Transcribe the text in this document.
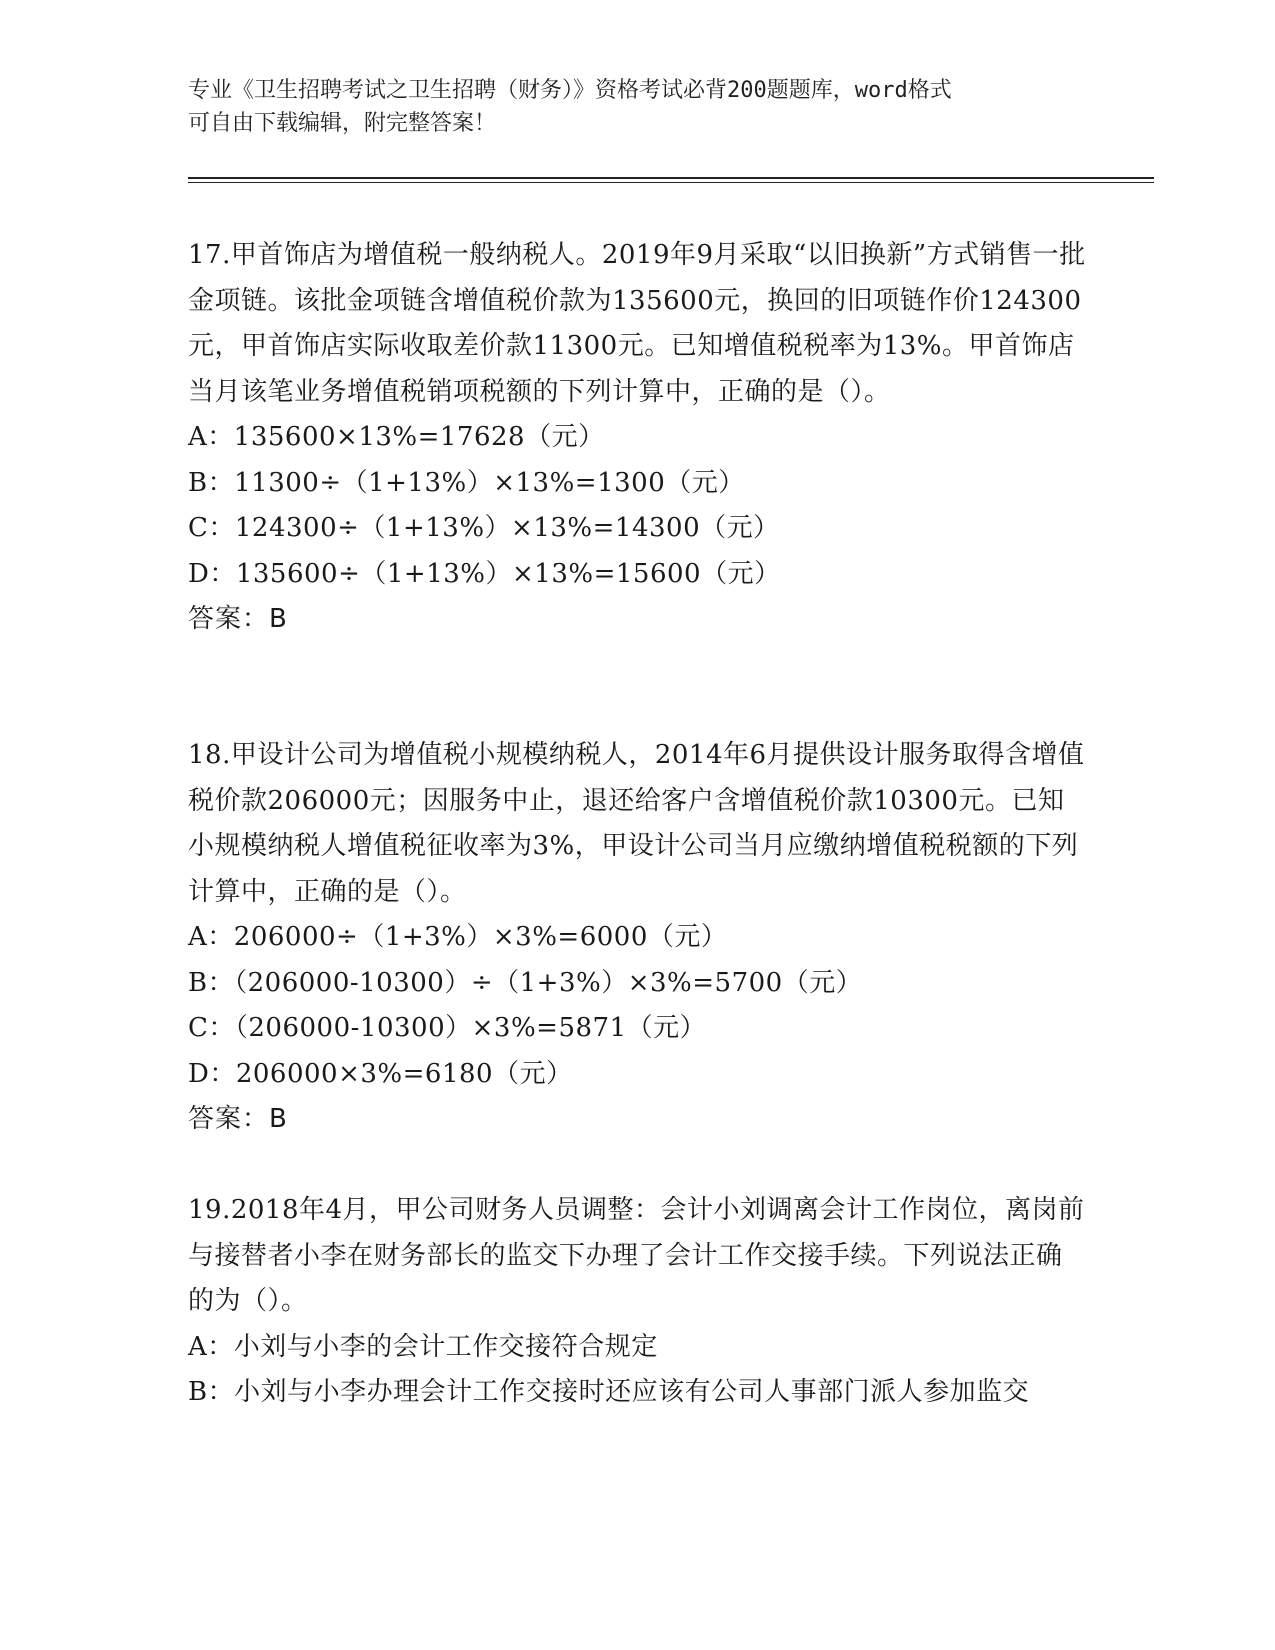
专业《卫生招聘考试之卫生招聘（财务）》资格考试必背200题题库，word格式
可自由下载编辑，附完整答案！
17.甲首饰店为增值税一般纳税人。2019年9月采取“以旧换新”方式销售一批金项链。该批金项链含增值税价款为135600元，换回的旧项链作价124300元，甲首饰店实际收取差价款11300元。已知增值税税率为13%。甲首饰店当月该笔业务增值税销项税额的下列计算中，正确的是（）。
A：135600×13%=17628（元）
B：11300÷（1+13%）×13%=1300（元）
C：124300÷（1+13%）×13%=14300（元）
D：135600÷（1+13%）×13%=15600（元）
答案：B
18.甲设计公司为增值税小规模纳税人，2014年6月提供设计服务取得含增值税价款206000元；因服务中止，退还给客户含增值税价款10300元。已知小规模纳税人增值税征收率为3%，甲设计公司当月应缴纳增值税税额的下列计算中，正确的是（）。
A：206000÷（1+3%）×3%=6000（元）
B：（206000-10300）÷（1+3%）×3%=5700（元）
C：（206000-10300）×3%=5871（元）
D：206000×3%=6180（元）
答案：B
19.2018年4月，甲公司财务人员调整：会计小刘调离会计工作岗位，离岗前与接替者小李在财务部长的监交下办理了会计工作交接手续。下列说法正确的为（）。
A：小刘与小李的会计工作交接符合规定
B：小刘与小李办理会计工作交接时还应该有公司人事部门派人参加监交
